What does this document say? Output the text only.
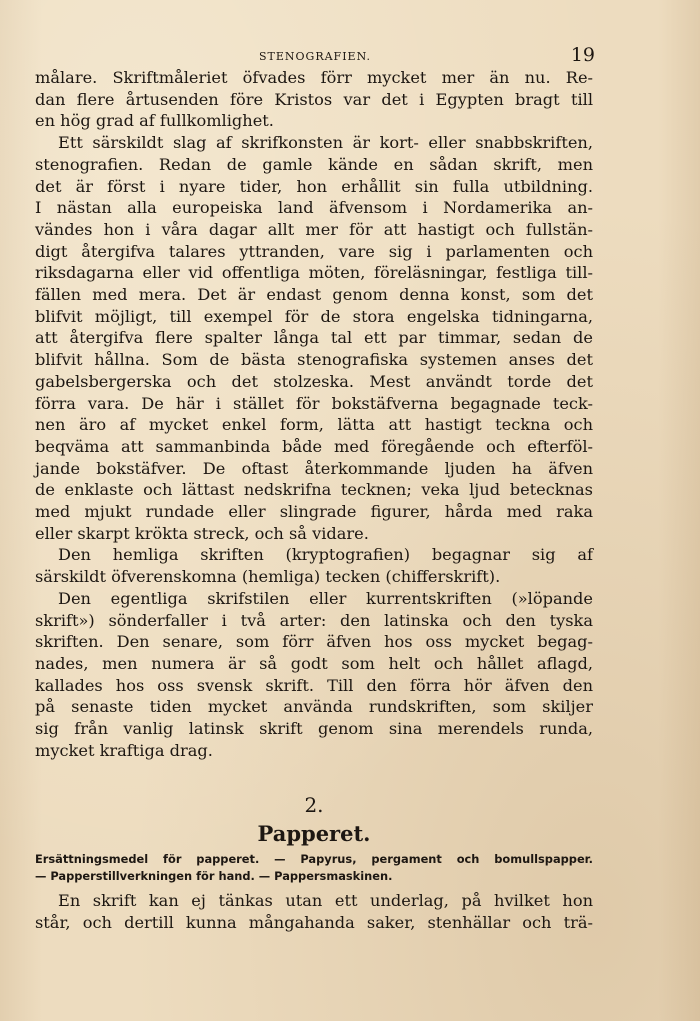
STENOGRAFIEN.	19
målare. Skriftmåleriet öfvades förr mycket mer än nu. Re-
dan flere årtusenden före Kristos var det i Egypten bragt till
en hög grad af fullkomlighet.
Ett särskildt slag af skrifkonsten är kort- eller snabbskriften,
stenografien. Redan de gamle kände en sådan skrift, men
det är först i nyare tider, hon erhållit sin fulla utbildning.
I nästan alla europeiska land äfvensom i Nordamerika an-
vändes hon i våra dagar allt mer för att hastigt och fullstän-
digt återgifva talares yttranden, vare sig i parlamenten och
riksdagarna eller vid offentliga möten, föreläsningar, festliga till-
fällen med mera. Det är endast genom denna konst, som det
blifvit möjligt, till exempel för de stora engelska tidningarna,
att återgifva flere spalter långa tal ett par timmar, sedan de
blifvit hållna. Som de bästa stenografiska systemen anses det
gabelsbergerska och det stolzeska. Mest användt torde det
förra vara. De här i stället för bokstäfverna begagnade teck-
nen äro af mycket enkel form, lätta att hastigt teckna och
beqväma att sammanbinda både med föregående och efterföl-
jande bokstäfver. De oftast återkommande ljuden ha äfven
de enklaste och lättast nedskrifna tecknen; veka ljud betecknas
med mjukt rundade eller slingrade figurer, hårda med raka
eller skarpt krökta streck, och så vidare.
Den hemliga skriften (kryptografien) begagnar sig af
särskildt öfverenskomna (hemliga) tecken (chifferskrift).
Den egentliga skrifstilen eller kurrentskriften (»löpande
skrift») sönderfaller i två arter: den latinska och den tyska
skriften. Den senare, som förr äfven hos oss mycket begag-
nades, men numera är så godt som helt och hållet aflagd,
kallades hos oss svensk skrift. Till den förra hör äfven den
på senaste tiden mycket använda rundskriften, som skiljer
sig från vanlig latinsk skrift genom sina merendels runda,
mycket kraftiga drag.
2.
Papperet.
Ersättningsmedel för papperet. — Papyrus, pergament och bomullspapper.
— Papperstillverkningen för hand. — Pappersmaskinen.
En skrift kan ej tänkas utan ett underlag, på hvilket hon
står, och dertill kunna mångahanda saker, stenhällar och trä-
